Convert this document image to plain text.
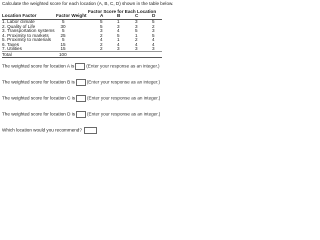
Calculate the weighted score for each location (A, B, C, D) shown in the table below.
Factor Score for Each Location
Location Factor	Factor Weight	A	B	C	D
1. Labor climate	5	5	1	3	5
2. Quality of Life	30	5	3	3	2
3. Transportation systems 5	3	4	5	3
4. Proximity to markets	25	2	5	1	5
5. Proximity to materials 5	4	1	2	4
6. Taxes	15	2	4	4	4
7. Utilities	15	2	3	3	3
Total	100
The weighted score for location A is	(Enter your response as an integer.)
The weighted score for location B is	(Enter your response as an integer.)
The weighted score for location C is	(Enter your response as an integer.)
The weighted score for location D is	(Enter your response as an integer.)
Which location would you recommend?
